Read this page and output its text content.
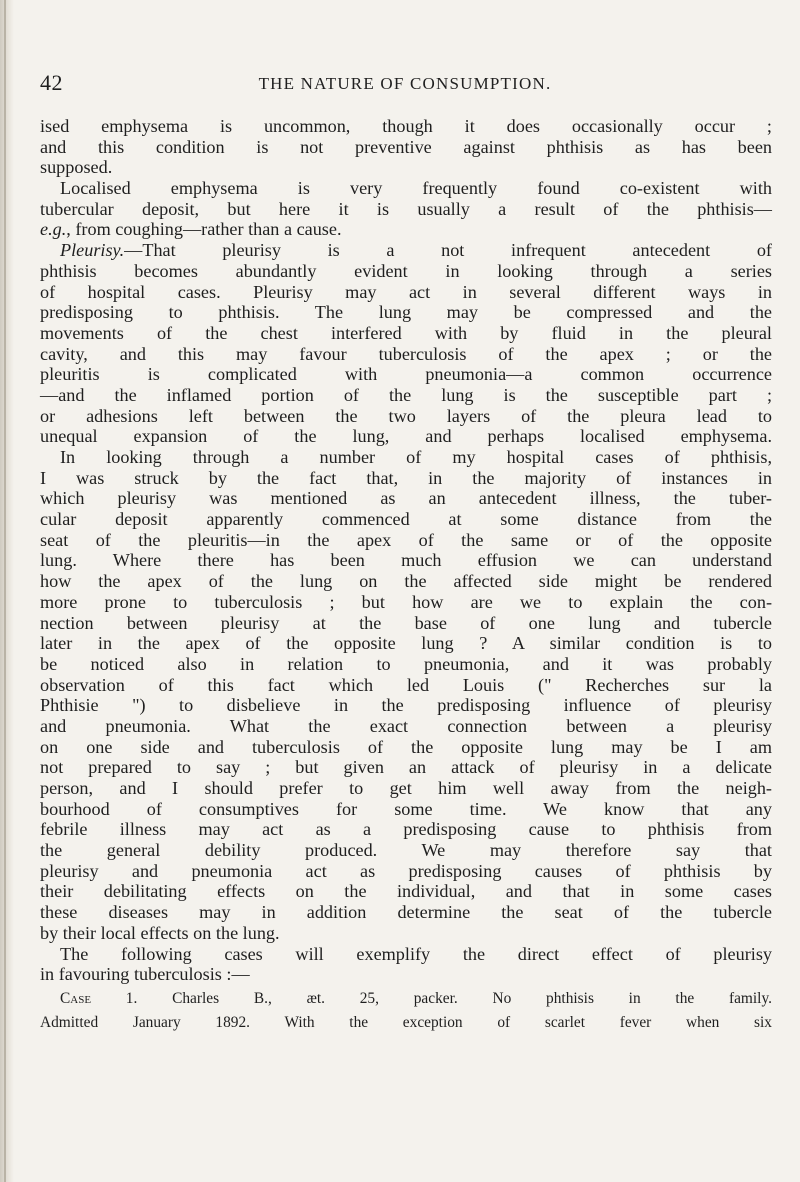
42	THE NATURE OF CONSUMPTION.
ised emphysema is uncommon, though it does occasionally occur ;
and this condition is not preventive against phthisis as has been
supposed.
Localised emphysema is very frequently found co-existent with
tubercular deposit, but here it is usually a result of the phthisis—
e.g., from coughing—rather than a cause.
Pleurisy.—That pleurisy is a not infrequent antecedent of
phthisis becomes abundantly evident in looking through a series
of hospital cases. Pleurisy may act in several different ways in
predisposing to phthisis. The lung may be compressed and the
movements of the chest interfered with by fluid in the pleural
cavity, and this may favour tuberculosis of the apex ; or the
pleuritis is complicated with pneumonia—a common occurrence
—and the inflamed portion of the lung is the susceptible part ;
or adhesions left between the two layers of the pleura lead to
unequal expansion of the lung, and perhaps localised emphysema.
In looking through a number of my hospital cases of phthisis,
I was struck by the fact that, in the majority of instances in
which pleurisy was mentioned as an antecedent illness, the tuber-
cular deposit apparently commenced at some distance from the
seat of the pleuritis—in the apex of the same or of the opposite
lung. Where there has been much effusion we can understand
how the apex of the lung on the affected side might be rendered
more prone to tuberculosis ; but how are we to explain the con-
nection between pleurisy at the base of one lung and tubercle
later in the apex of the opposite lung ? A similar condition is to
be noticed also in relation to pneumonia, and it was probably
observation of this fact which led Louis (" Recherches sur la
Phthisie ") to disbelieve in the predisposing influence of pleurisy
and pneumonia. What the exact connection between a pleurisy
on one side and tuberculosis of the opposite lung may be I am
not prepared to say ; but given an attack of pleurisy in a delicate
person, and I should prefer to get him well away from the neigh-
bourhood of consumptives for some time. We know that any
febrile illness may act as a predisposing cause to phthisis from
the general debility produced. We may therefore say that
pleurisy and pneumonia act as predisposing causes of phthisis by
their debilitating effects on the individual, and that in some cases
these diseases may in addition determine the seat of the tubercle
by their local effects on the lung.
The following cases will exemplify the direct effect of pleurisy
in favouring tuberculosis :—
Case 1. Charles B., æt. 25, packer. No phthisis in the family.
Admitted January 1892. With the exception of scarlet fever when six
